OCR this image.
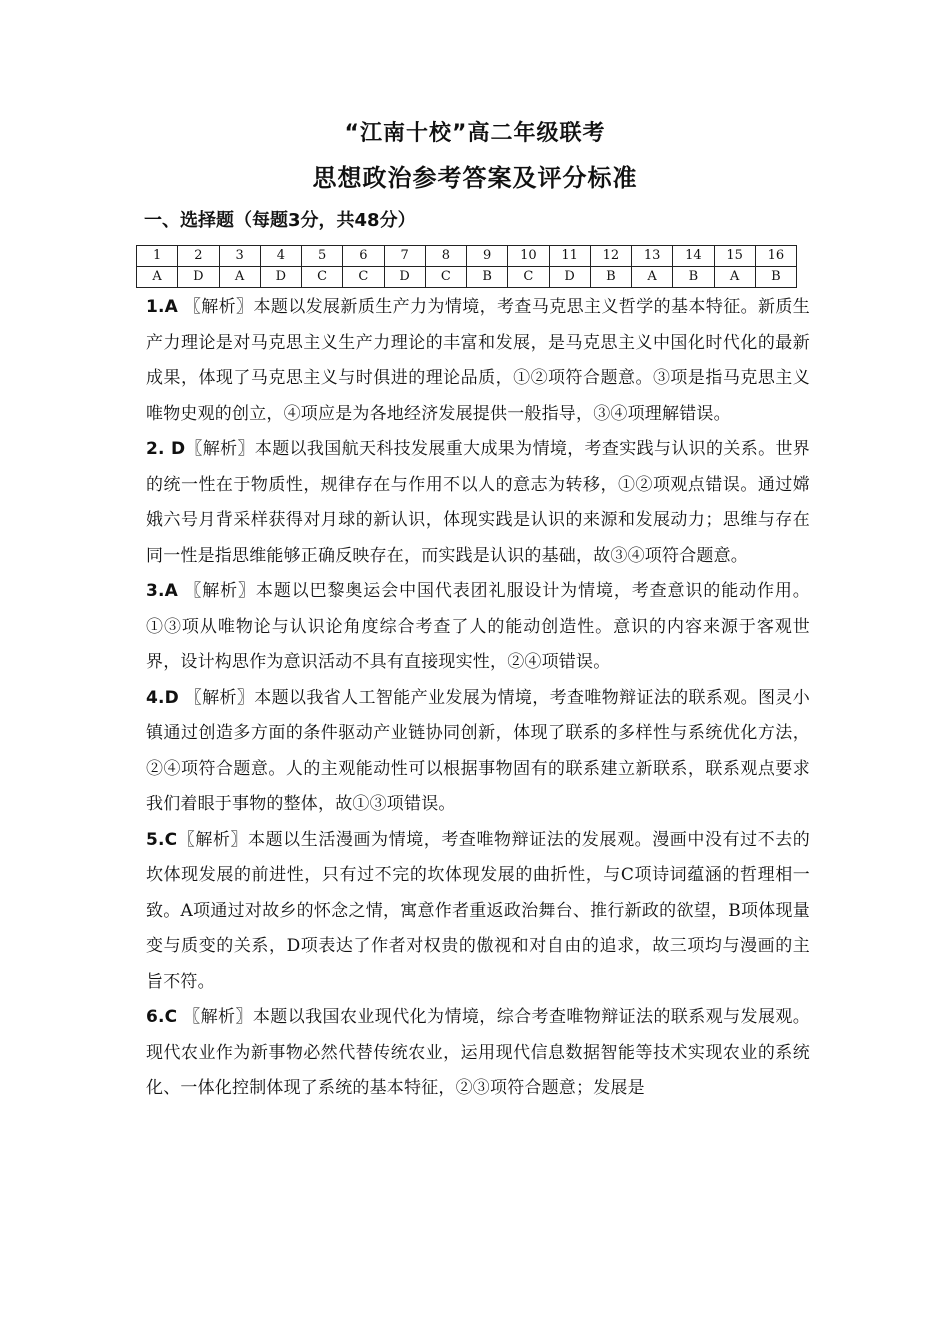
“江南十校”高二年级联考
思想政治参考答案及评分标准
一、选择题（每题3分，共48分）
1	2	3	4	5	6	7	8	9	10	11	12	13	14	15	16
A	D	A	D	C	C	D	C	B	C	D	B	A	B	A	B

1.A 〖解析〗本题以发展新质生产力为情境，考查马克思主义哲学的基本特征。新质生产力理论是对马克思主义生产力理论的丰富和发展，是马克思主义中国化时代化的最新成果，体现了马克思主义与时俱进的理论品质，①②项符合题意。③项是指马克思主义唯物史观的创立，④项应是为各地经济发展提供一般指导，③④项理解错误。

2. D〖解析〗本题以我国航天科技发展重大成果为情境，考查实践与认识的关系。世界的统一性在于物质性，规律存在与作用不以人的意志为转移，①②项观点错误。通过嫦娥六号月背采样获得对月球的新认识，体现实践是认识的来源和发展动力；思维与存在同一性是指思维能够正确反映存在，而实践是认识的基础，故③④项符合题意。

3.A 〖解析〗本题以巴黎奥运会中国代表团礼服设计为情境，考查意识的能动作用。①③项从唯物论与认识论角度综合考查了人的能动创造性。意识的内容来源于客观世界，设计构思作为意识活动不具有直接现实性，②④项错误。

4.D 〖解析〗本题以我省人工智能产业发展为情境，考查唯物辩证法的联系观。图灵小镇通过创造多方面的条件驱动产业链协同创新，体现了联系的多样性与系统优化方法，②④项符合题意。人的主观能动性可以根据事物固有的联系建立新联系，联系观点要求我们着眼于事物的整体，故①③项错误。

5.C〖解析〗本题以生活漫画为情境，考查唯物辩证法的发展观。漫画中没有过不去的坎体现发展的前进性，只有过不完的坎体现发展的曲折性，与C项诗词蕴涵的哲理相一致。A项通过对故乡的怀念之情，寓意作者重返政治舞台、推行新政的欲望，B项体现量变与质变的关系，D项表达了作者对权贵的傲视和对自由的追求，故三项均与漫画的主旨不符。

6.C 〖解析〗本题以我国农业现代化为情境，综合考查唯物辩证法的联系观与发展观。现代农业作为新事物必然代替传统农业，运用现代信息数据智能等技术实现农业的系统化、一体化控制体现了系统的基本特征，②③项符合题意；发展是
